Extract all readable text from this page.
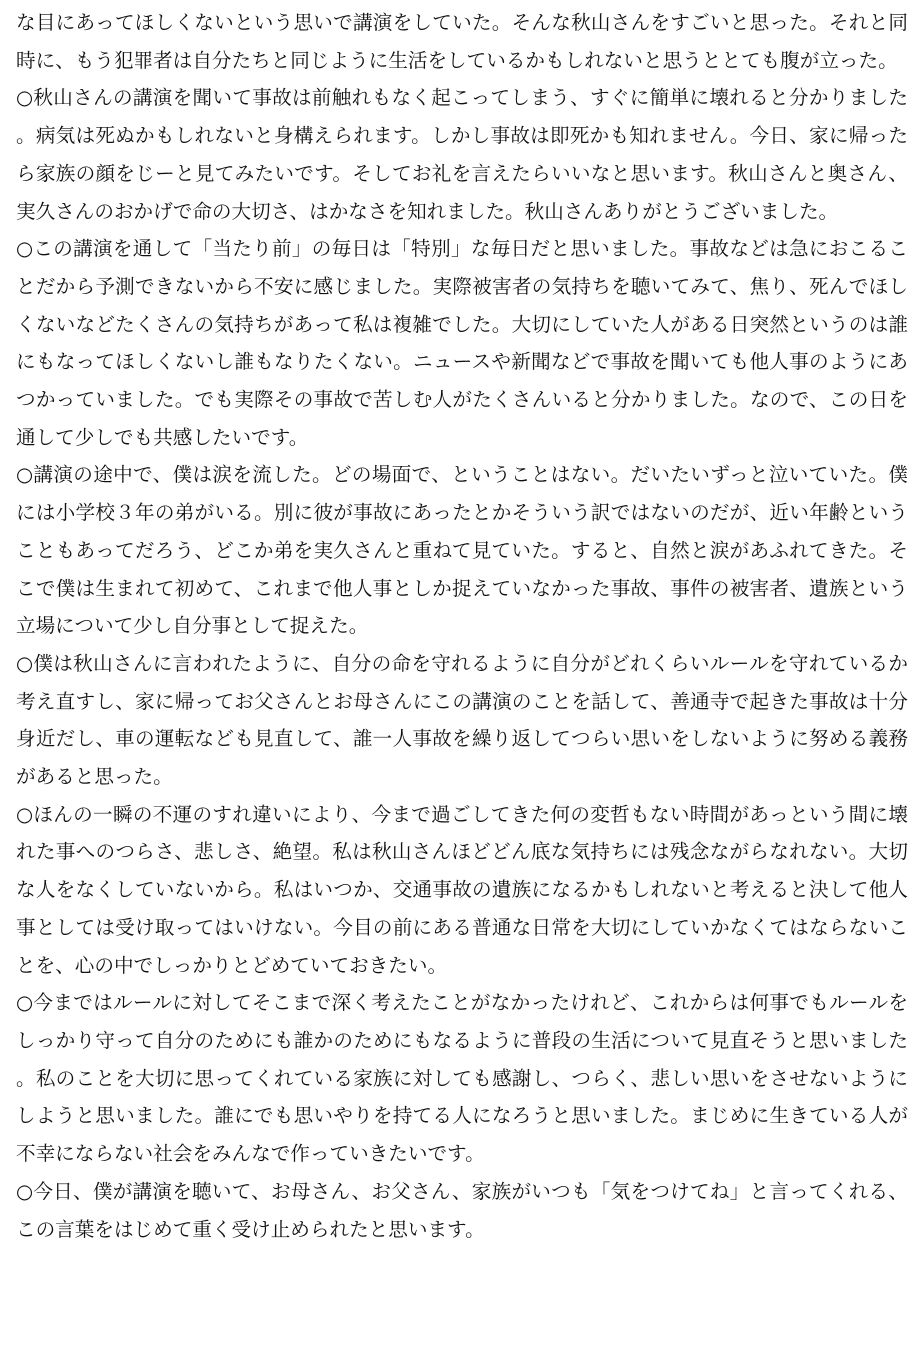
な目にあってほしくないという思いで講演をしていた。そんな秋山さんをすごいと思った。それと同時に、もう犯罪者は自分たちと同じように生活をしているかもしれないと思うととても腹が立った。

○秋山さんの講演を聞いて事故は前触れもなく起こってしまう、すぐに簡単に壊れると分かりました。病気は死ぬかもしれないと身構えられます。しかし事故は即死かも知れません。今日、家に帰ったら家族の顔をじーと見てみたいです。そしてお礼を言えたらいいなと思います。秋山さんと奥さん、実久さんのおかげで命の大切さ、はかなさを知れました。秋山さんありがとうございました。

○この講演を通して「当たり前」の毎日は「特別」な毎日だと思いました。事故などは急におこることだから予測できないから不安に感じました。実際被害者の気持ちを聴いてみて、焦り、死んでほしくないなどたくさんの気持ちがあって私は複雑でした。大切にしていた人がある日突然というのは誰にもなってほしくないし誰もなりたくない。ニュースや新聞などで事故を聞いても他人事のようにあつかっていました。でも実際その事故で苦しむ人がたくさんいると分かりました。なので、この日を通して少しでも共感したいです。

○講演の途中で、僕は涙を流した。どの場面で、ということはない。だいたいずっと泣いていた。僕には小学校３年の弟がいる。別に彼が事故にあったとかそういう訳ではないのだが、近い年齢ということもあってだろう、どこか弟を実久さんと重ねて見ていた。すると、自然と涙があふれてきた。そこで僕は生まれて初めて、これまで他人事としか捉えていなかった事故、事件の被害者、遺族という立場について少し自分事として捉えた。

○僕は秋山さんに言われたように、自分の命を守れるように自分がどれくらいルールを守れているか考え直すし、家に帰ってお父さんとお母さんにこの講演のことを話して、善通寺で起きた事故は十分身近だし、車の運転なども見直して、誰一人事故を繰り返してつらい思いをしないように努める義務があると思った。

○ほんの一瞬の不運のすれ違いにより、今まで過ごしてきた何の変哲もない時間があっという間に壊れた事へのつらさ、悲しさ、絶望。私は秋山さんほどどん底な気持ちには残念ながらなれない。大切な人をなくしていないから。私はいつか、交通事故の遺族になるかもしれないと考えると決して他人事としては受け取ってはいけない。今目の前にある普通な日常を大切にしていかなくてはならないことを、心の中でしっかりとどめていておきたい。

○今まではルールに対してそこまで深く考えたことがなかったけれど、これからは何事でもルールをしっかり守って自分のためにも誰かのためにもなるように普段の生活について見直そうと思いました。私のことを大切に思ってくれている家族に対しても感謝し、つらく、悲しい思いをさせないようにしようと思いました。誰にでも思いやりを持てる人になろうと思いました。まじめに生きている人が不幸にならない社会をみんなで作っていきたいです。

○今日、僕が講演を聴いて、お母さん、お父さん、家族がいつも「気をつけてね」と言ってくれる、この言葉をはじめて重く受け止められたと思います。
